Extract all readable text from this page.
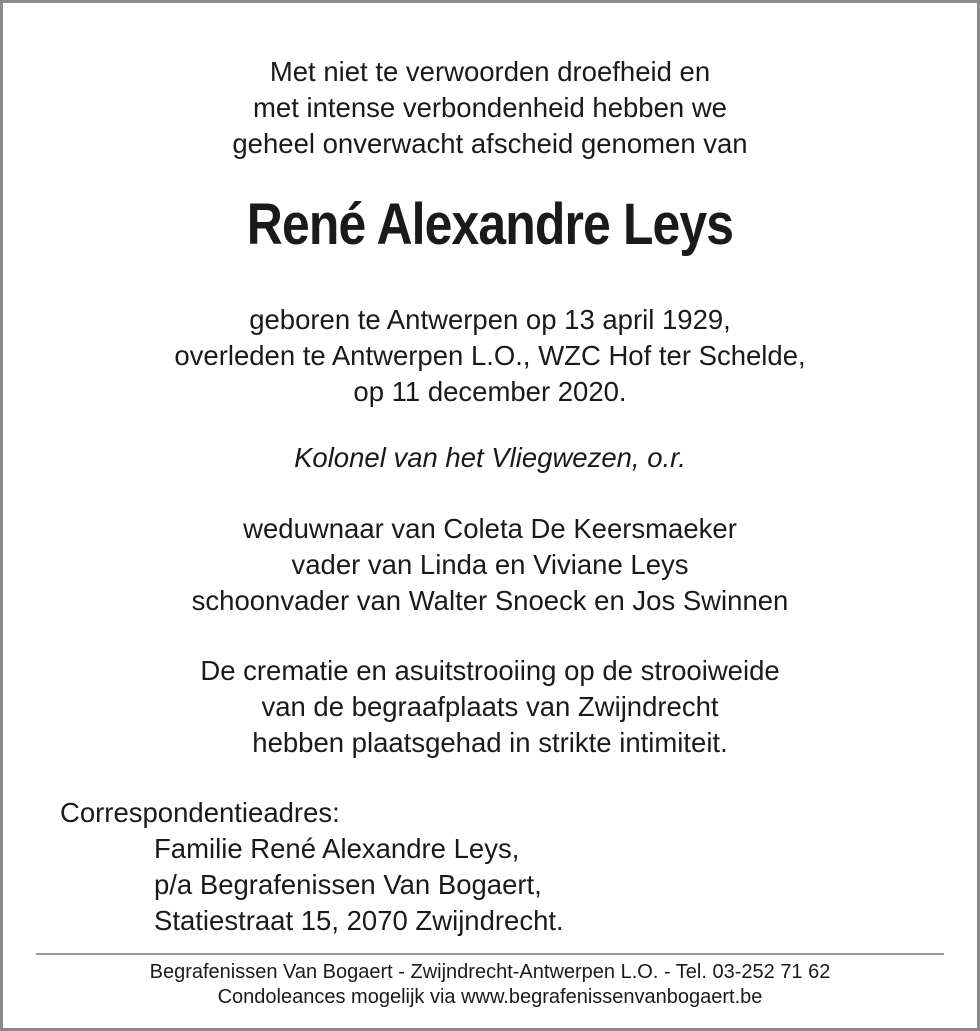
Met niet te verwoorden droefheid en
met intense verbondenheid hebben we
geheel onverwacht afscheid genomen van
René Alexandre Leys
geboren te Antwerpen op 13 april 1929,
overleden te Antwerpen L.O., WZC Hof ter Schelde,
op 11 december 2020.
Kolonel van het Vliegwezen, o.r.
weduwnaar van Coleta De Keersmaeker
vader van Linda en Viviane Leys
schoonvader van Walter Snoeck en Jos Swinnen
De crematie en asuitstrooiing op de strooiweide
van de begraafplaats van Zwijndrecht
hebben plaatsgehad in strikte intimiteit.
Correspondentieadres:
Familie René Alexandre Leys,
p/a Begrafenissen Van Bogaert,
Statiestraat 15, 2070 Zwijndrecht.
Begrafenissen Van Bogaert - Zwijndrecht-Antwerpen L.O. - Tel. 03-252 71 62
Condoleances mogelijk via www.begrafenissenvanbogaert.be
